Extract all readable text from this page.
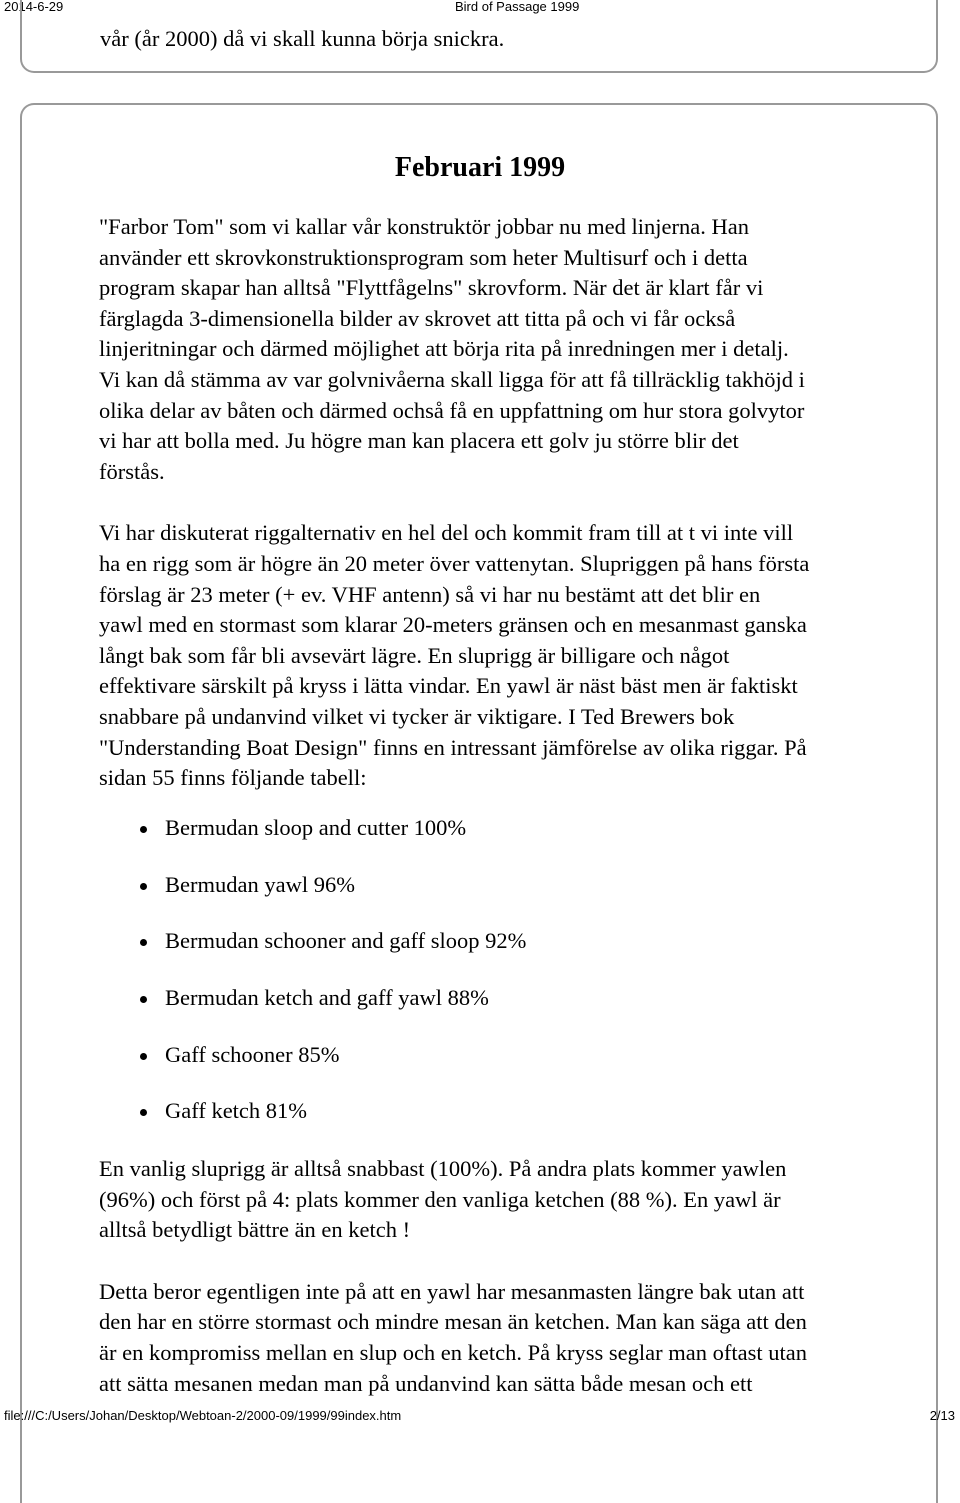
2014-6-29	Bird of Passage 1999
vår (år 2000) då vi skall kunna börja snickra.
Februari 1999

"Farbor Tom" som vi kallar vår konstruktör jobbar nu med linjerna. Han
använder ett skrovkonstruktionsprogram som heter Multisurf och i detta
program skapar han alltså "Flyttfågelns" skrovform. När det är klart får vi
färglagda 3-dimensionella bilder av skrovet att titta på och vi får också
linjeritningar och därmed möjlighet att börja rita på inredningen mer i detalj.
Vi kan då stämma av var golvnivåerna skall ligga för att få tillräcklig takhöjd i
olika delar av båten och därmed ochså få en uppfattning om hur stora golvytor
vi har att bolla med. Ju högre man kan placera ett golv ju större blir det
förstås.

Vi har diskuterat riggalternativ en hel del och kommit fram till at t vi inte vill
ha en rigg som är högre än 20 meter över vattenytan. Slupriggen på hans första
förslag är 23 meter (+ ev. VHF antenn) så vi har nu bestämt att det blir en
yawl med en stormast som klarar 20-meters gränsen och en mesanmast ganska
långt bak som får bli avsevärt lägre. En sluprigg är billigare och något
effektivare särskilt på kryss i lätta vindar. En yawl är näst bäst men är faktiskt
snabbare på undanvind vilket vi tycker är viktigare. I Ted Brewers bok
"Understanding Boat Design" finns en intressant jämförelse av olika riggar. På
sidan 55 finns följande tabell:

Bermudan sloop and cutter 100%
Bermudan yawl 96%
Bermudan schooner and gaff sloop 92%
Bermudan ketch and gaff yawl 88%
Gaff schooner 85%
Gaff ketch 81%

En vanlig sluprigg är alltså snabbast (100%). På andra plats kommer yawlen
(96%) och först på 4: plats kommer den vanliga ketchen (88 %). En yawl är
alltså betydligt bättre än en ketch !

Detta beror egentligen inte på att en yawl har mesanmasten längre bak utan att
den har en större stormast och mindre mesan än ketchen. Man kan säga att den
är en kompromiss mellan en slup och en ketch. På kryss seglar man oftast utan
att sätta mesanen medan man på undanvind kan sätta både mesan och ett

file:///C:/Users/Johan/Desktop/Webtoan-2/2000-09/1999/99index.htm	2/13
